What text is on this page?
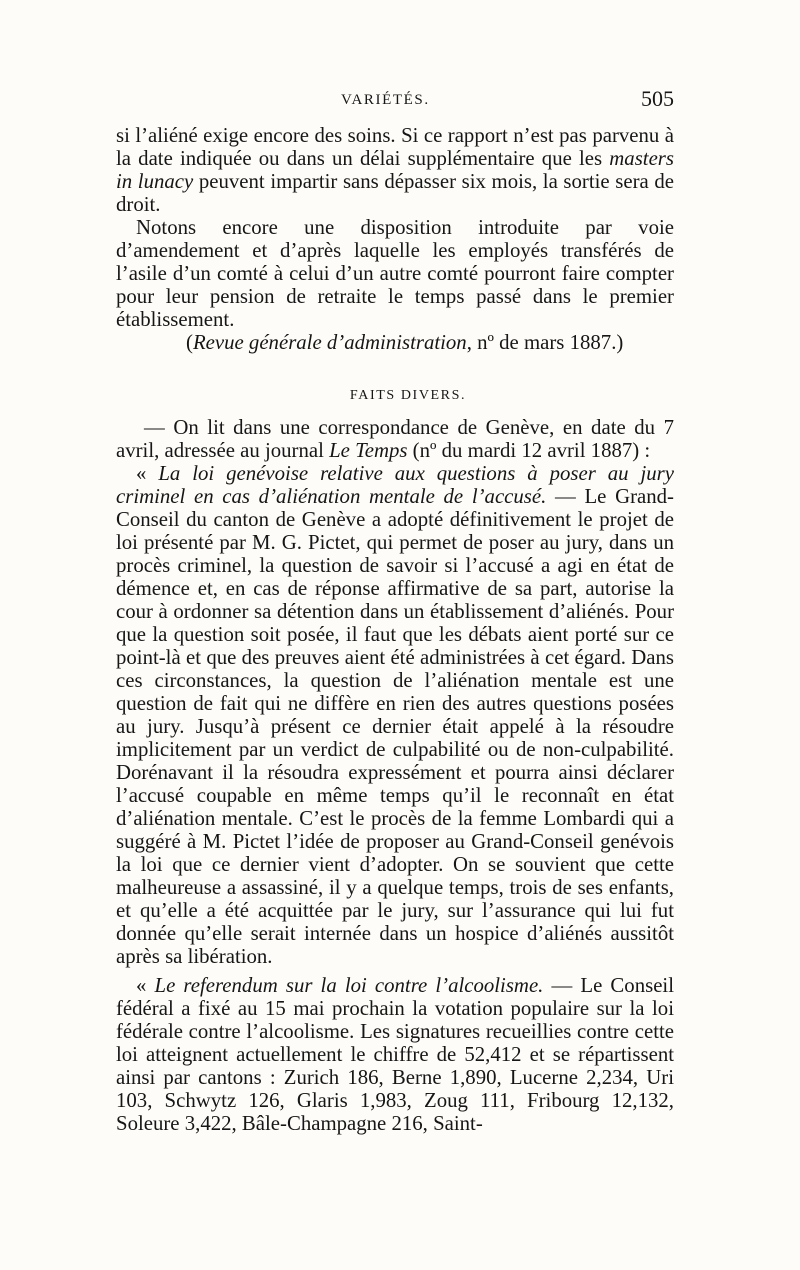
VARIÉTÉS.	505

si l’aliéné exige encore des soins. Si ce rapport n’est pas parvenu à la date indiquée ou dans un délai supplémentaire que les masters in lunacy peuvent impartir sans dépasser six mois, la sortie sera de droit.

Notons encore une disposition introduite par voie d’amendement et d’après laquelle les employés transférés de l’asile d’un comté à celui d’un autre comté pourront faire compter pour leur pension de retraite le temps passé dans le premier établissement.

(Revue générale d’administration, nº de mars 1887.)

FAITS DIVERS.

— On lit dans une correspondance de Genève, en date du 7 avril, adressée au journal Le Temps (nº du mardi 12 avril 1887) :

« La loi genévoise relative aux questions à poser au jury criminel en cas d’aliénation mentale de l’accusé. — Le Grand-Conseil du canton de Genève a adopté définitivement le projet de loi présenté par M. G. Pictet, qui permet de poser au jury, dans un procès criminel, la question de savoir si l’accusé a agi en état de démence et, en cas de réponse affirmative de sa part, autorise la cour à ordonner sa détention dans un établissement d’aliénés. Pour que la question soit posée, il faut que les débats aient porté sur ce point-là et que des preuves aient été administrées à cet égard. Dans ces circonstances, la question de l’aliénation mentale est une question de fait qui ne diffère en rien des autres questions posées au jury. Jusqu’à présent ce dernier était appelé à la résoudre implicitement par un verdict de culpabilité ou de non-culpabilité. Dorénavant il la résoudra expressément et pourra ainsi déclarer l’accusé coupable en même temps qu’il le reconnaît en état d’aliénation mentale. C’est le procès de la femme Lombardi qui a suggéré à M. Pictet l’idée de proposer au Grand-Conseil genévois la loi que ce dernier vient d’adopter. On se souvient que cette malheureuse a assassiné, il y a quelque temps, trois de ses enfants, et qu’elle a été acquittée par le jury, sur l’assurance qui lui fut donnée qu’elle serait internée dans un hospice d’aliénés aussitôt après sa libération.

« Le referendum sur la loi contre l’alcoolisme. — Le Conseil fédéral a fixé au 15 mai prochain la votation populaire sur la loi fédérale contre l’alcoolisme. Les signatures recueillies contre cette loi atteignent actuellement le chiffre de 52,412 et se répartissent ainsi par cantons : Zurich 186, Berne 1,890, Lucerne 2,234, Uri 103, Schwytz 126, Glaris 1,983, Zoug 111, Fribourg 12,132, Soleure 3,422, Bâle-Champagne 216, Saint-
